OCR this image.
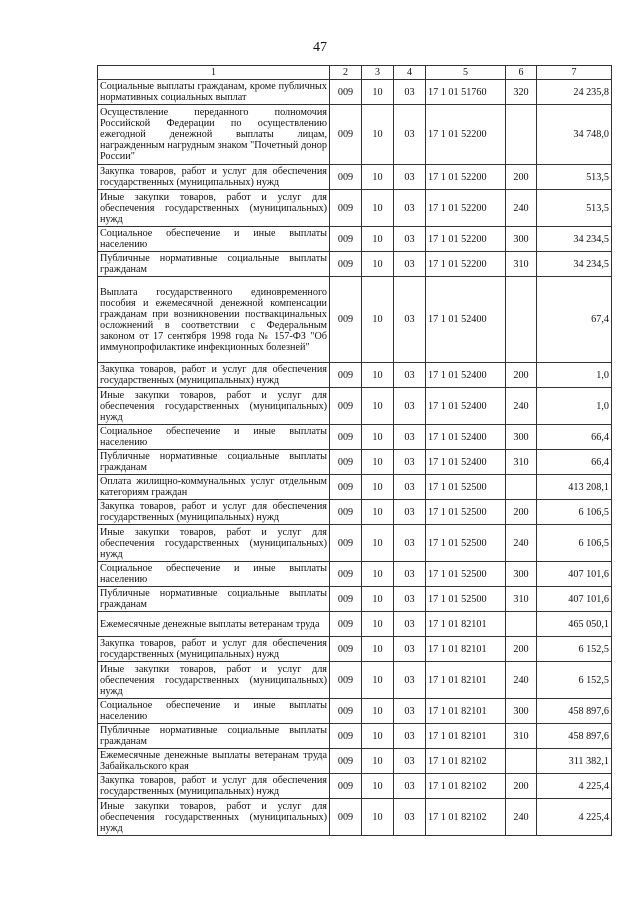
47
1	2	3	4	5	6	7
Социальные выплаты гражданам, кроме публичных нормативных социальных выплат	009	10	03	17 1 01 51760	320	24 235,8
Осуществление переданного полномочия Российской Федерации по осуществлению ежегодной денежной выплаты лицам, награжденным нагрудным знаком "Почетный донор России"	009	10	03	17 1 01 52200		34 748,0
Закупка товаров, работ и услуг для обеспечения государственных (муниципальных) нужд	009	10	03	17 1 01 52200	200	513,5
Иные закупки товаров, работ и услуг для обеспечения государственных (муниципальных) нужд	009	10	03	17 1 01 52200	240	513,5
Социальное обеспечение и иные выплаты населению	009	10	03	17 1 01 52200	300	34 234,5
Публичные нормативные социальные выплаты гражданам	009	10	03	17 1 01 52200	310	34 234,5
Выплата государственного единовременного пособия и ежемесячной денежной компенсации гражданам при возникновении поствакцинальных осложнений в соответствии с Федеральным законом от 17 сентября 1998 года № 157-ФЗ "Об иммунопрофилактике инфекционных болезней"	009	10	03	17 1 01 52400		67,4
Закупка товаров, работ и услуг для обеспечения государственных (муниципальных) нужд	009	10	03	17 1 01 52400	200	1,0
Иные закупки товаров, работ и услуг для обеспечения государственных (муниципальных) нужд	009	10	03	17 1 01 52400	240	1,0
Социальное обеспечение и иные выплаты населению	009	10	03	17 1 01 52400	300	66,4
Публичные нормативные социальные выплаты гражданам	009	10	03	17 1 01 52400	310	66,4
Оплата жилищно-коммунальных услуг отдельным категориям граждан	009	10	03	17 1 01 52500		413 208,1
Закупка товаров, работ и услуг для обеспечения государственных (муниципальных) нужд	009	10	03	17 1 01 52500	200	6 106,5
Иные закупки товаров, работ и услуг для обеспечения государственных (муниципальных) нужд	009	10	03	17 1 01 52500	240	6 106,5
Социальное обеспечение и иные выплаты населению	009	10	03	17 1 01 52500	300	407 101,6
Публичные нормативные социальные выплаты гражданам	009	10	03	17 1 01 52500	310	407 101,6
Ежемесячные денежные выплаты ветеранам труда	009	10	03	17 1 01 82101		465 050,1
Закупка товаров, работ и услуг для обеспечения государственных (муниципальных) нужд	009	10	03	17 1 01 82101	200	6 152,5
Иные закупки товаров, работ и услуг для обеспечения государственных (муниципальных) нужд	009	10	03	17 1 01 82101	240	6 152,5
Социальное обеспечение и иные выплаты населению	009	10	03	17 1 01 82101	300	458 897,6
Публичные нормативные социальные выплаты гражданам	009	10	03	17 1 01 82101	310	458 897,6
Ежемесячные денежные выплаты ветеранам труда Забайкальского края	009	10	03	17 1 01 82102		311 382,1
Закупка товаров, работ и услуг для обеспечения государственных (муниципальных) нужд	009	10	03	17 1 01 82102	200	4 225,4
Иные закупки товаров, работ и услуг для обеспечения государственных (муниципальных) нужд	009	10	03	17 1 01 82102	240	4 225,4
